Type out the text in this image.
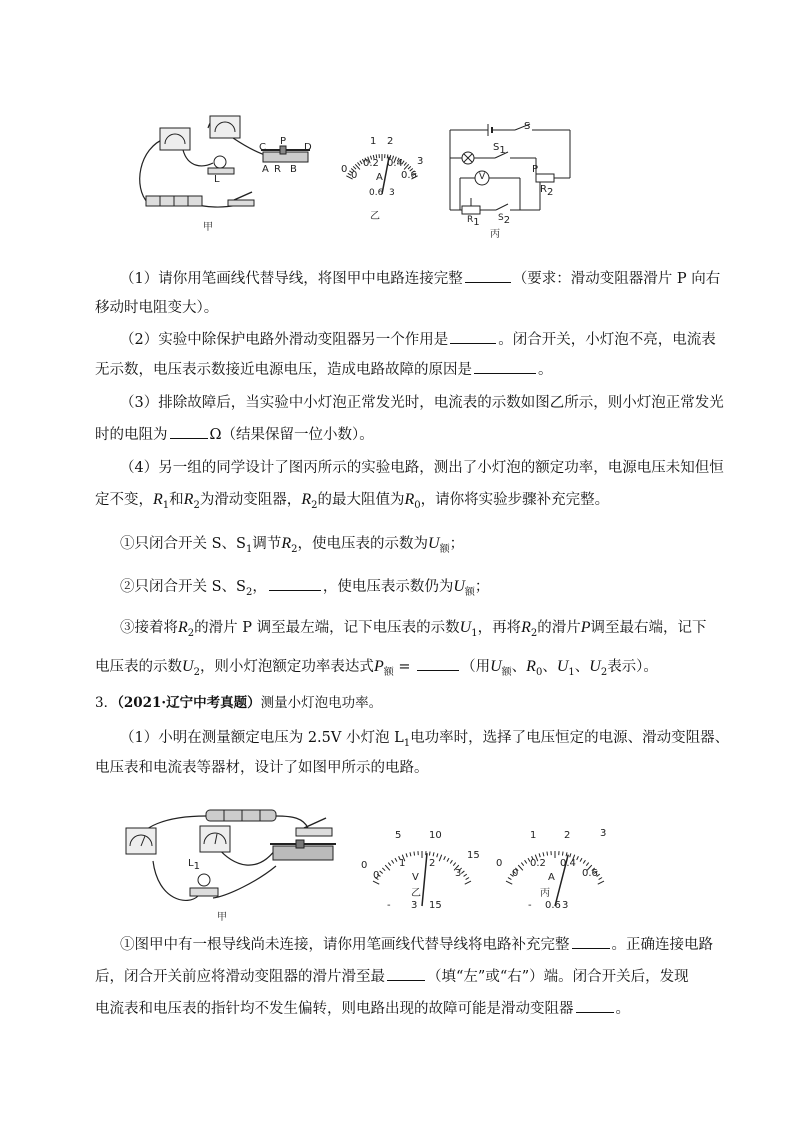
L
C
P
D
A R B
甲
1 2
0
3
0
0.2 0.4
0.6
A
0.6 3
乙
S
$S_1$
V
P
$R_2$
$R_1$ $S_2$
丙
（1）请你用笔画线代替导线，将图甲中电路连接完整	（要求：滑动变阻器滑片 P 向右
移动时电阻变大）。
（2）实验中除保护电路外滑动变阻器另一个作用是	。闭合开关，小灯泡不亮，电流表
无示数，电压表示数接近电源电压，造成电路故障的原因是	。
（3）排除故障后，当实验中小灯泡正常发光时，电流表的示数如图乙所示，则小灯泡正常发光
时的电阻为	Ω（结果保留一位小数）。
（4）另一组的同学设计了图丙所示的实验电路，测出了小灯泡的额定功率，电源电压未知但恒
定不变，$R_1$和$R_2$为滑动变阻器，$R_2$的最大阻值为$R_0$，请你将实验步骤补充完整。
①只闭合开关 S、$S_1$调节$R_2$，使电压表的示数为$U_额$；
②只闭合开关 S、$S_2$，	，使电压表示数仍为$U_额$；
③接着将$R_2$的滑片 P 调至最左端，记下电压表的示数$U_1$，再将$R_2$的滑片P调至最右端，记下
电压表的示数$U_2$，则小灯泡额定功率表达式$P_额$ =	（用$U_额$、$R_0$、$U_1$、$U_2$表示）。
3．（2021·辽宁中考真题）测量小灯泡电功率。
（1）小明在测量额定电压为 2.5V 小灯泡 $L_1$电功率时，选择了电压恒定的电源、滑动变阻器、
电压表和电流表等器材，设计了如图甲所示的电路。
$L_1$
甲
5	10
0
15
0
1 2
3
V
- 3 15
乙
1	2
0
3
0
0.2 0.4
0.6
A
- 0.6 3
丙
①图甲中有一根导线尚未连接，请你用笔画线代替导线将电路补充完整	。正确连接电路
后，闭合开关前应将滑动变阻器的滑片滑至最	（填“左”或“右”）端。闭合开关后，发现
电流表和电压表的指针均不发生偏转，则电路出现的故障可能是滑动变阻器	。
